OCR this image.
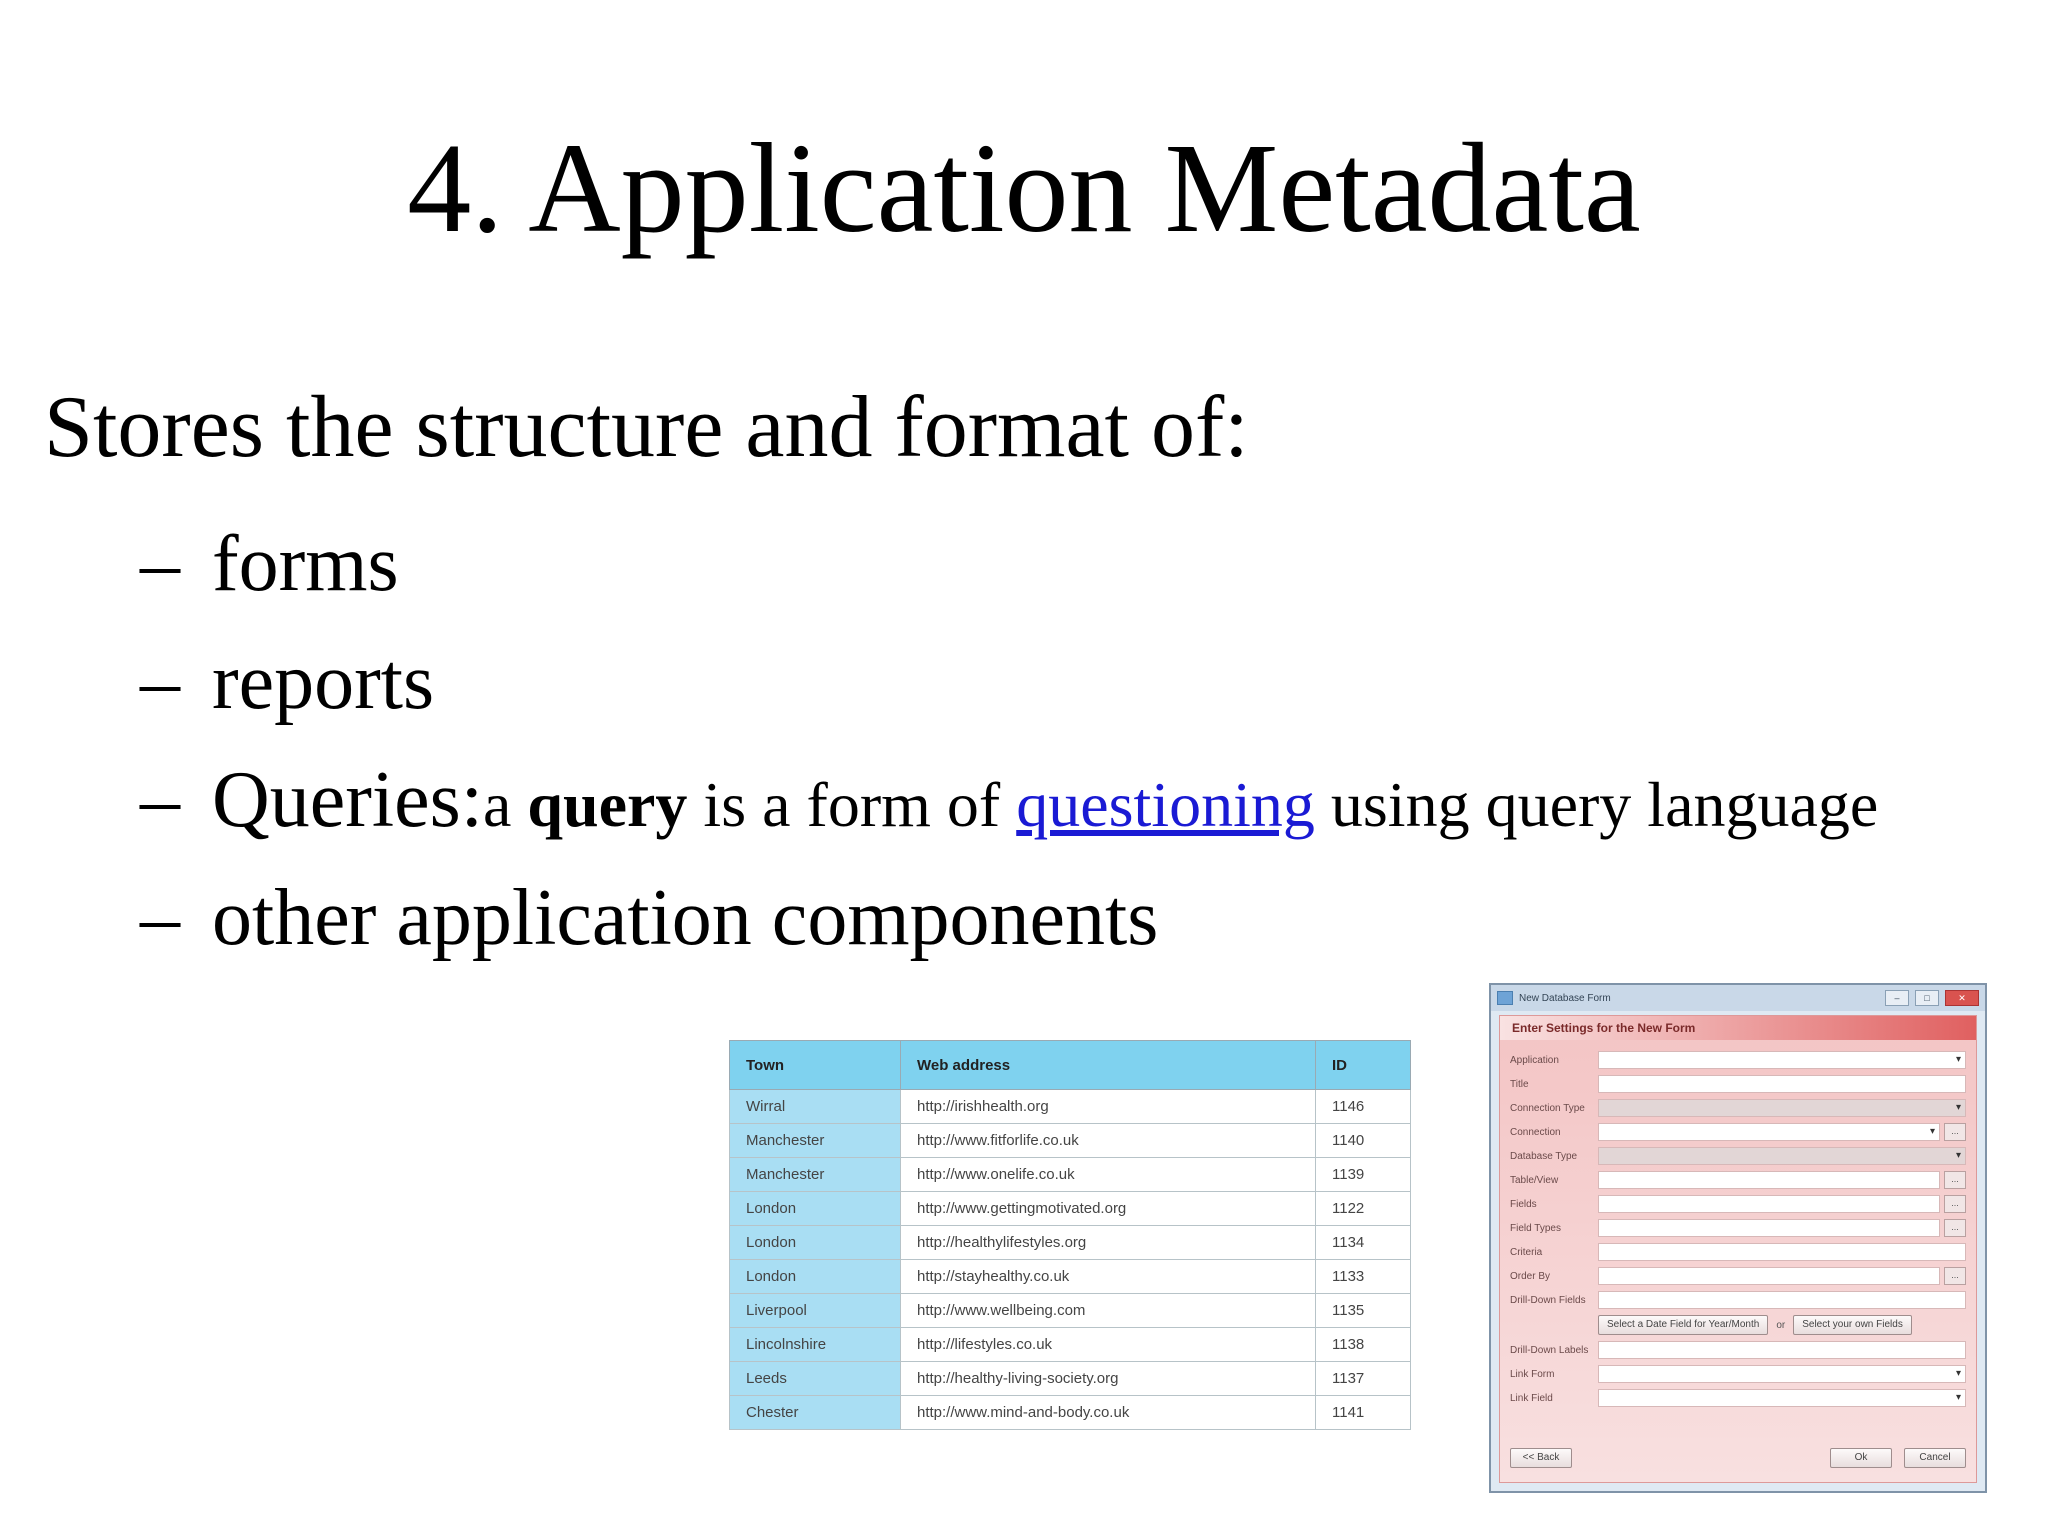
4. Application Metadata
Stores the structure and format of:
– forms
– reports
– Queries:a query is a form of questioning using query language
– other application components
Town	Web address	ID
Wirral	http://irishhealth.org	1146
Manchester	http://www.fitforlife.co.uk	1140
Manchester	http://www.onelife.co.uk	1139
London	http://www.gettingmotivated.org	1122
London	http://healthylifestyles.org	1134
London	http://stayhealthy.co.uk	1133
Liverpool	http://www.wellbeing.com	1135
Lincolnshire	http://lifestyles.co.uk	1138
Leeds	http://healthy-living-society.org	1137
Chester	http://www.mind-and-body.co.uk	1141
New Database Form	–	□	✕
Enter Settings for the New Form
Application
▾
Title
Connection Type
▾
Connection ▾	...
Database Type
▾
Table/View	...
Fields	...
Field Types	...
Criteria
Order By	...
Drill-Down Fields
Select a Date Field for Year/Month	or	Select your own Fields
Drill-Down Labels
Link Form
▾
Link Field
▾
<< Back	Ok	Cancel
